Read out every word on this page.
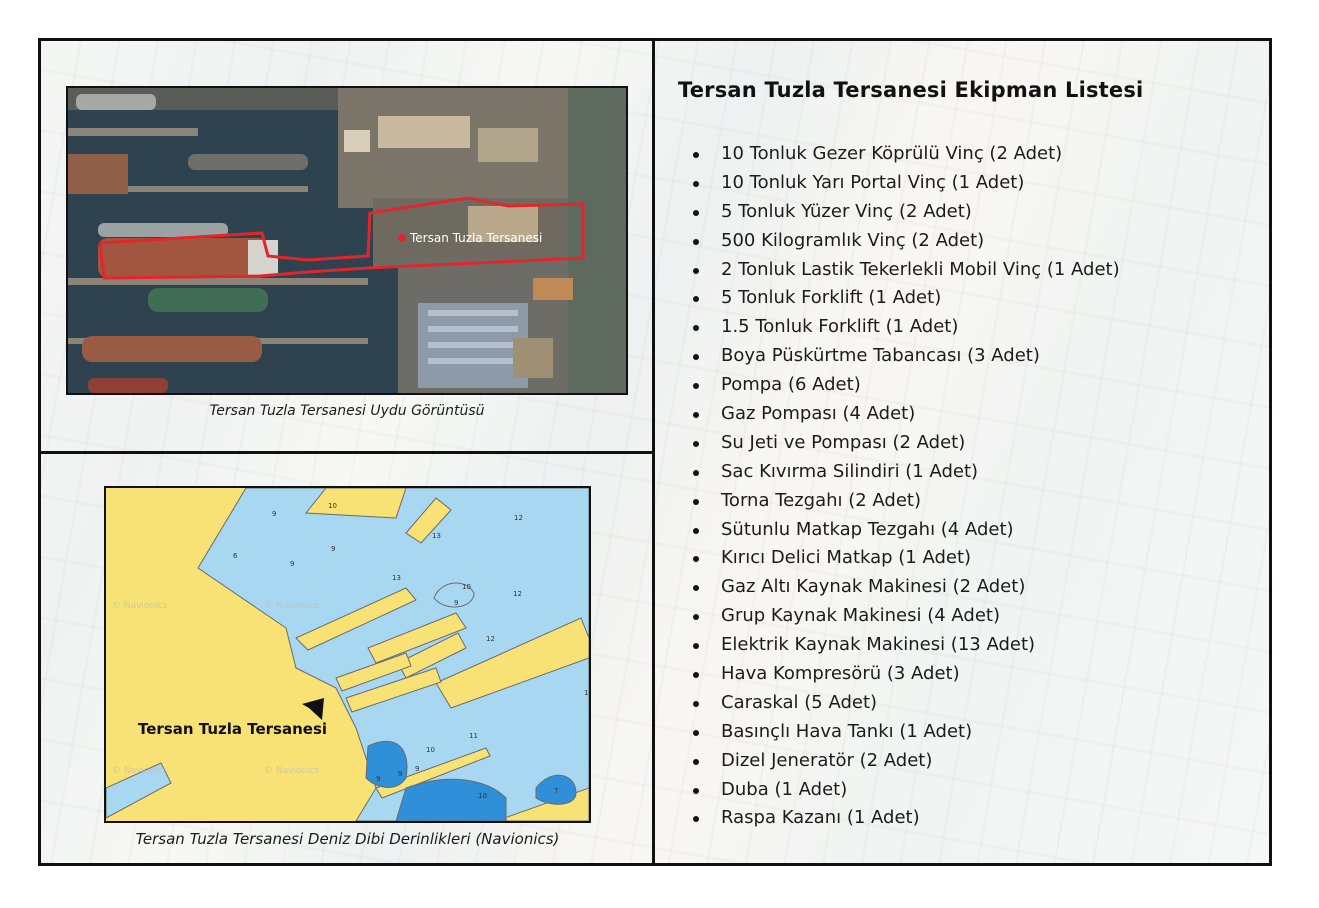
Tersan Tuzla Tersanesi
Tersan Tuzla Tersanesi Uydu Görüntüsü
10
9
6
9
9
13
12
13
10
9
12
12
1
11
10
9
9
9
10
7
© Navionics	© Navionics
© Navionics	© Navionics
Tersan Tuzla Tersanesi
Tersan Tuzla Tersanesi Deniz Dibi Derinlikleri (Navionics)
Tersan Tuzla Tersanesi Ekipman Listesi
10 Tonluk Gezer Köprülü Vinç (2 Adet)
10 Tonluk Yarı Portal Vinç (1 Adet)
5 Tonluk Yüzer Vinç (2 Adet)
500 Kilogramlık Vinç (2 Adet)
2 Tonluk Lastik Tekerlekli Mobil Vinç (1 Adet)
5 Tonluk Forklift (1 Adet)
1.5 Tonluk Forklift (1 Adet)
Boya Püskürtme Tabancası (3 Adet)
Pompa (6 Adet)
Gaz Pompası (4 Adet)
Su Jeti ve Pompası (2 Adet)
Sac Kıvırma Silindiri (1 Adet)
Torna Tezgahı (2 Adet)
Sütunlu Matkap Tezgahı (4 Adet)
Kırıcı Delici Matkap (1 Adet)
Gaz Altı Kaynak Makinesi (2 Adet)
Grup Kaynak Makinesi (4 Adet)
Elektrik Kaynak Makinesi (13 Adet)
Hava Kompresörü (3 Adet)
Caraskal (5 Adet)
Basınçlı Hava Tankı (1 Adet)
Dizel Jeneratör (2 Adet)
Duba (1 Adet)
Raspa Kazanı (1 Adet)
